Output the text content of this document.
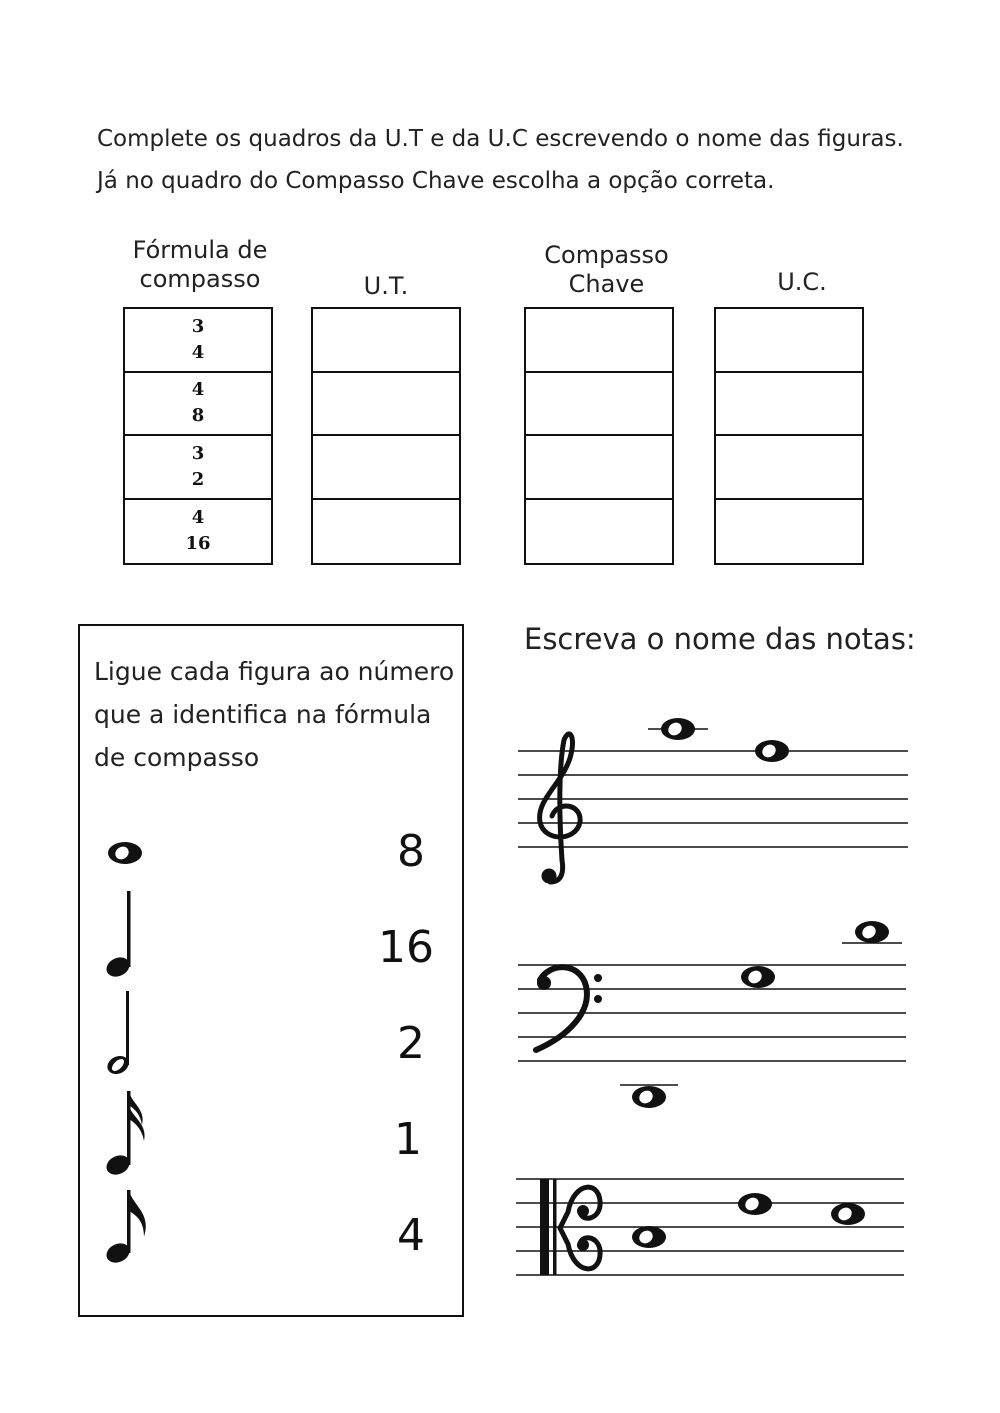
Complete os quadros da U.T e da U.C escrevendo o nome das figuras.
Já no quadro do Compasso Chave escolha a opção correta.
Fórmula de
compasso	U.T.
Compasso
Chave	U.C.
3
4
4
8
3
2
4
16
Ligue cada figura ao número
que a identifica na fórmula
de compasso
8
16
2
1
4
Escreva o nome das notas:
